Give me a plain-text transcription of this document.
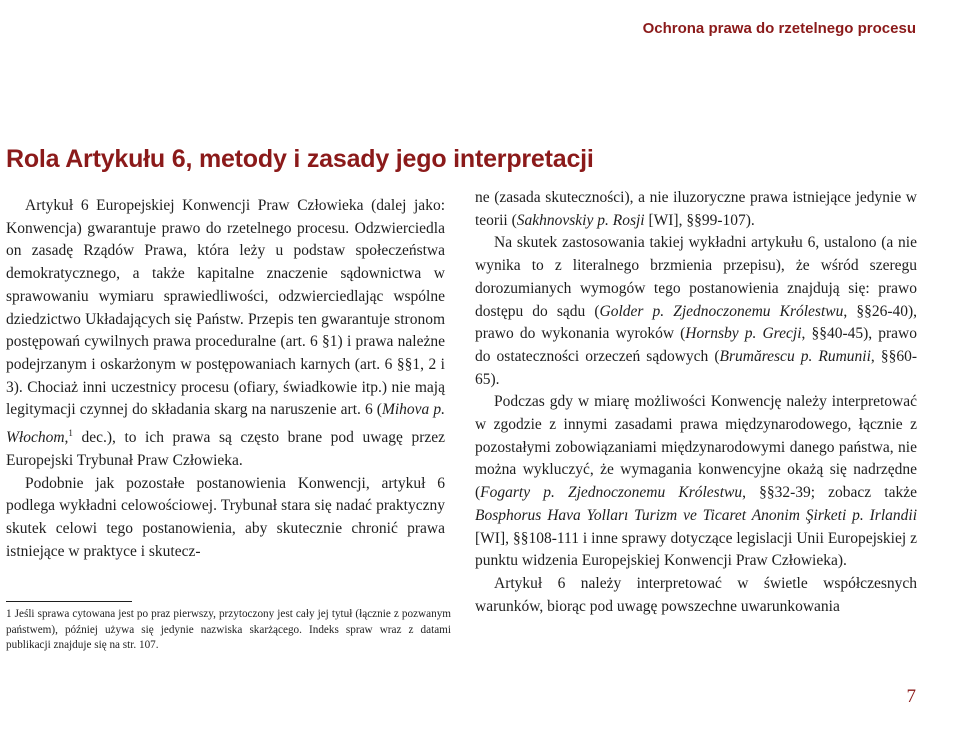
Ochrona prawa do rzetelnego procesu
Rola Artykułu 6, metody i zasady jego interpretacji

Artykuł 6 Europejskiej Konwencji Praw Człowieka (dalej jako: Konwencja) gwarantuje prawo do rzetelnego procesu. Odzwierciedla on zasadę Rządów Prawa, która leży u podstaw społeczeństwa demokratycznego, a także kapitalne znaczenie sądownictwa w sprawowaniu wymiaru sprawiedliwości, odzwierciedlając wspólne dziedzictwo Układających się Państw. Przepis ten gwarantuje stronom postępowań cywilnych prawa proceduralne (art. 6 §1) i prawa należne podejrzanym i oskarżonym w postępowaniach karnych (art. 6 §§1, 2 i 3). Chociaż inni uczestnicy procesu (ofiary, świadkowie itp.) nie mają legitymacji czynnej do składania skarg na naruszenie art. 6 (Mihova p. Włochom,$^1$ dec.), to ich prawa są często brane pod uwagę przez Europejski Trybunał Praw Człowieka.

Podobnie jak pozostałe postanowienia Konwencji, artykuł 6 podlega wykładni celowościowej. Trybunał stara się nadać praktyczny skutek celowi tego postanowienia, aby skutecznie chronić prawa istniejące w praktyce i skutecz-

1 Jeśli sprawa cytowana jest po praz pierwszy, przytoczony jest cały jej tytuł (łącznie z pozwanym państwem), później używa się jedynie nazwiska skarżącego. Indeks spraw wraz z datami publikacji znajduje się na str. 107.

ne (zasada skuteczności), a nie iluzoryczne prawa istniejące jedynie w teorii (Sakhnovskiy p. Rosji [WI], §§99-107).

Na skutek zastosowania takiej wykładni artykułu 6, ustalono (a nie wynika to z literalnego brzmienia przepisu), że wśród szeregu dorozumianych wymogów tego postanowienia znajdują się: prawo dostępu do sądu (Golder p. Zjednoczonemu Królestwu, §§26-40), prawo do wykonania wyroków (Hornsby p. Grecji, §§40-45), prawo do ostateczności orzeczeń sądowych (Brumărescu p. Rumunii, §§60-65).

Podczas gdy w miarę możliwości Konwencję należy interpretować w zgodzie z innymi zasadami prawa międzynarodowego, łącznie z pozostałymi zobowiązaniami międzynarodowymi danego państwa, nie można wykluczyć, że wymagania konwencyjne okażą się nadrzędne (Fogarty p. Zjednoczonemu Królestwu, §§32-39; zobacz także Bosphorus Hava Yolları Turizm ve Ticaret Anonim Şirketi p. Irlandii [WI], §§108-111 i inne sprawy dotyczące legislacji Unii Europejskiej z punktu widzenia Europejskiej Konwencji Praw Człowieka).

Artykuł 6 należy interpretować w świetle współczesnych warunków, biorąc pod uwagę powszechne uwarunkowania

7
